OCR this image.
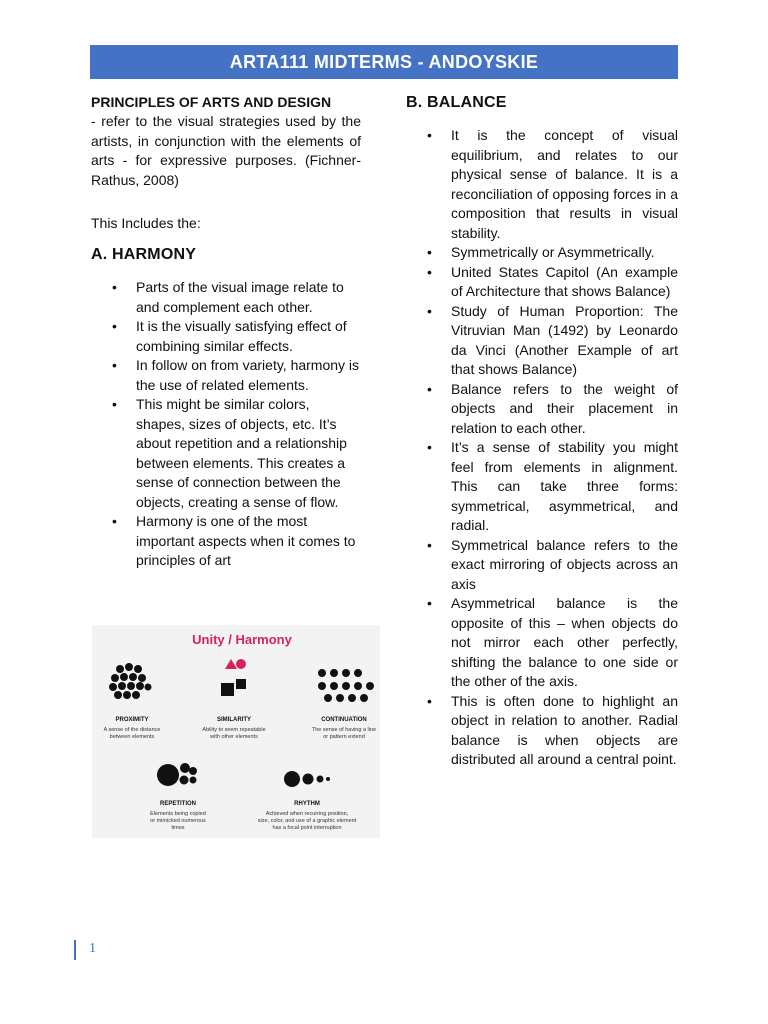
ARTA111 MIDTERMS - ANDOYSKIE
PRINCIPLES OF ARTS AND DESIGN
- refer to the visual strategies used by the artists, in conjunction with the elements of arts - for expressive purposes. (Fichner-Rathus, 2008)
This Includes the:
A. HARMONY
• Parts of the visual image relate to and complement each other.
• It is the visually satisfying effect of combining similar effects.
• In follow on from variety, harmony is the use of related elements.
• This might be similar colors, shapes, sizes of objects, etc. It’s about repetition and a relationship between elements. This creates a sense of connection between the objects, creating a sense of flow.
• Harmony is one of the most important aspects when it comes to principles of art
Unity / Harmony
PROXIMITY
A sense of the distance
between elements
SIMILARITY
Ability to seem repeatable
with other elements
CONTINUATION
The sense of having a line
or pattern extend
REPETITION
Elements being copied
or mimicked numerous
times
RHYTHM
Achieved when recurring position,
size, color, and use of a graphic element
has a focal point interruption
B. BALANCE
• It is the concept of visual equilibrium, and relates to our physical sense of balance. It is a reconciliation of opposing forces in a composition that results in visual stability.
• Symmetrically or Asymmetrically.
• United States Capitol (An example of Architecture that shows Balance)
• Study of Human Proportion: The Vitruvian Man (1492) by Leonardo da Vinci (Another Example of art that shows Balance)
• Balance refers to the weight of objects and their placement in relation to each other.
• It’s a sense of stability you might feel from elements in alignment. This can take three forms: symmetrical, asymmetrical, and radial.
• Symmetrical balance refers to the exact mirroring of objects across an axis
• Asymmetrical balance is the opposite of this – when objects do not mirror each other perfectly, shifting the balance to one side or the other of the axis.
• This is often done to highlight an object in relation to another. Radial balance is when objects are distributed all around a central point.
1
